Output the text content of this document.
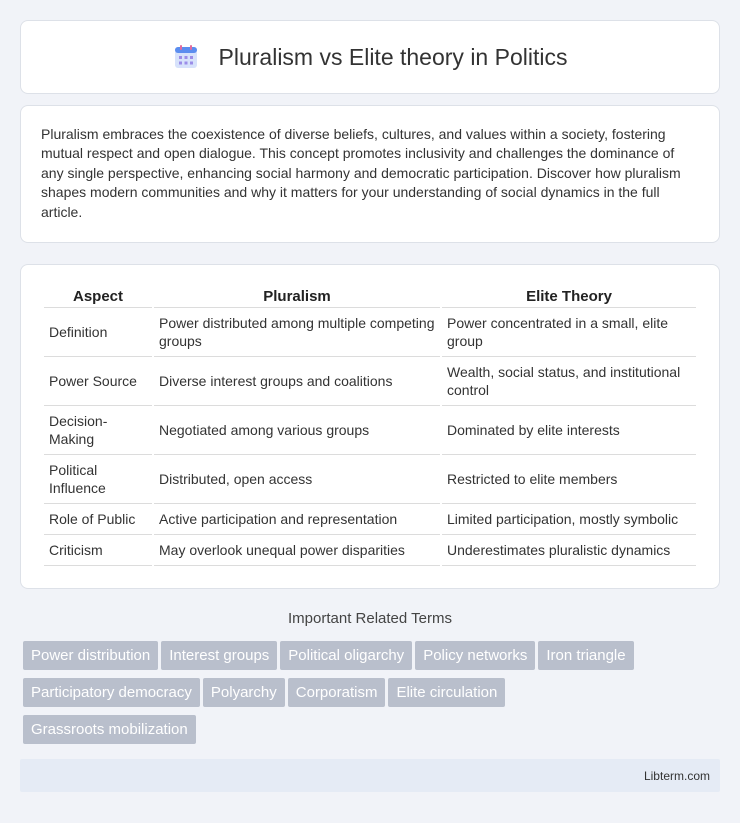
Pluralism vs Elite theory in Politics

Pluralism embraces the coexistence of diverse beliefs, cultures, and values within a society, fostering mutual respect and open dialogue. This concept promotes inclusivity and challenges the dominance of any single perspective, enhancing social harmony and democratic participation. Discover how pluralism shapes modern communities and why it matters for your understanding of social dynamics in the full article.

Aspect	Pluralism	Elite Theory
Definition	Power distributed among multiple competing groups	Power concentrated in a small, elite group
Power Source	Diverse interest groups and coalitions	Wealth, social status, and institutional control
Decision-Making	Negotiated among various groups	Dominated by elite interests
Political Influence	Distributed, open access	Restricted to elite members
Role of Public	Active participation and representation	Limited participation, mostly symbolic
Criticism	May overlook unequal power disparities	Underestimates pluralistic dynamics
Important Related Terms
Power distribution Interest groups Political oligarchy Policy networks Iron triangle
Participatory democracy Polyarchy Corporatism Elite circulation
Grassroots mobilization
Libterm.com
